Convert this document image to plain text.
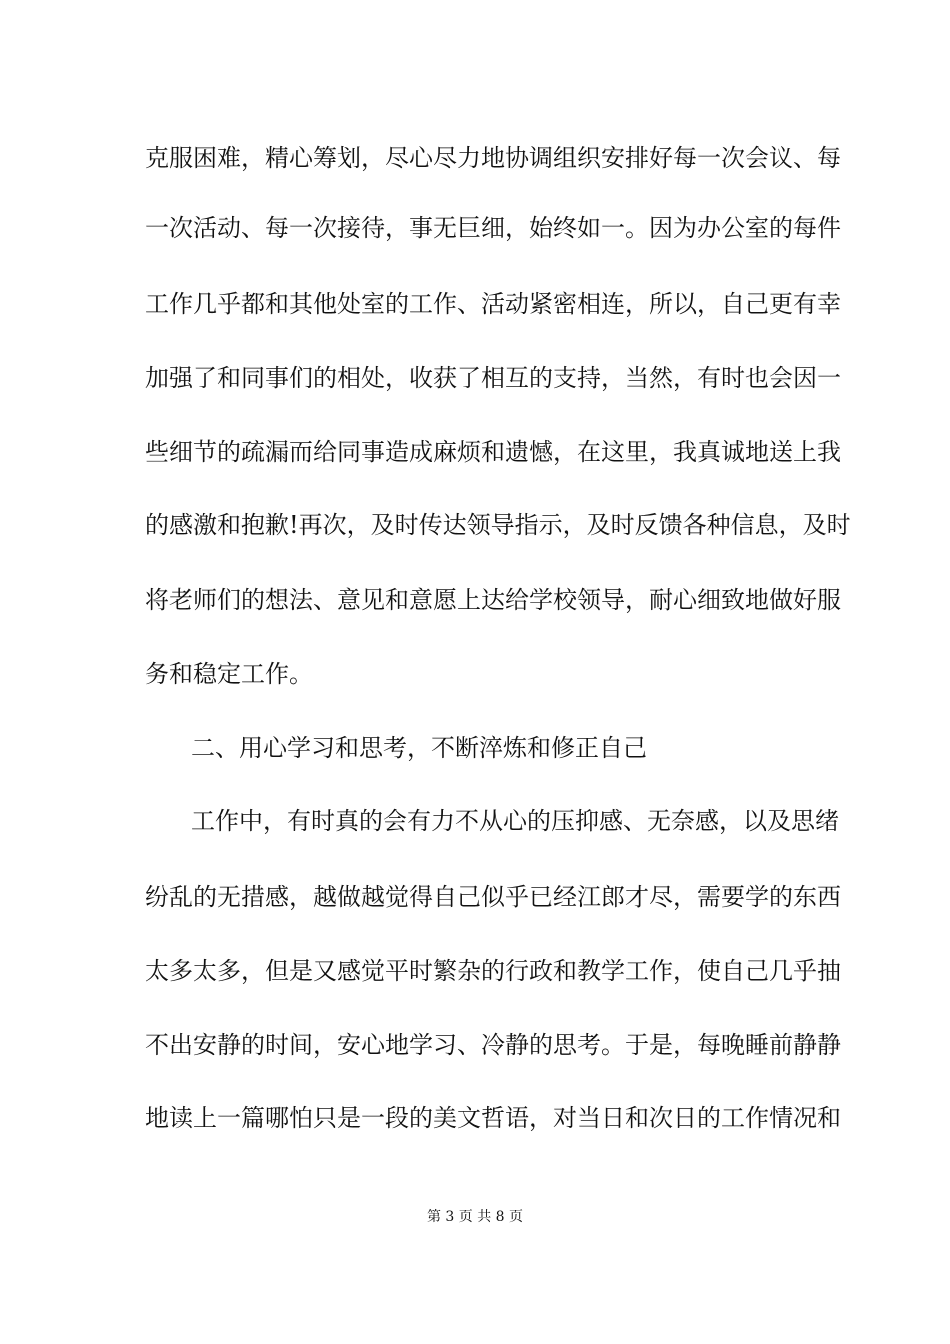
克服困难，精心筹划，尽心尽力地协调组织安排好每一次会议、每
一次活动、每一次接待，事无巨细，始终如一。因为办公室的每件
工作几乎都和其他处室的工作、活动紧密相连，所以，自己更有幸
加强了和同事们的相处，收获了相互的支持，当然，有时也会因一
些细节的疏漏而给同事造成麻烦和遗憾，在这里，我真诚地送上我
的感激和抱歉!再次，及时传达领导指示，及时反馈各种信息，及时
将老师们的想法、意见和意愿上达给学校领导，耐心细致地做好服
务和稳定工作。
二、用心学习和思考，不断淬炼和修正自己
工作中，有时真的会有力不从心的压抑感、无奈感，以及思绪
纷乱的无措感，越做越觉得自己似乎已经江郎才尽，需要学的东西
太多太多，但是又感觉平时繁杂的行政和教学工作，使自己几乎抽
不出安静的时间，安心地学习、冷静的思考。于是，每晚睡前静静
地读上一篇哪怕只是一段的美文哲语，对当日和次日的工作情况和
第 3 页 共 8 页
